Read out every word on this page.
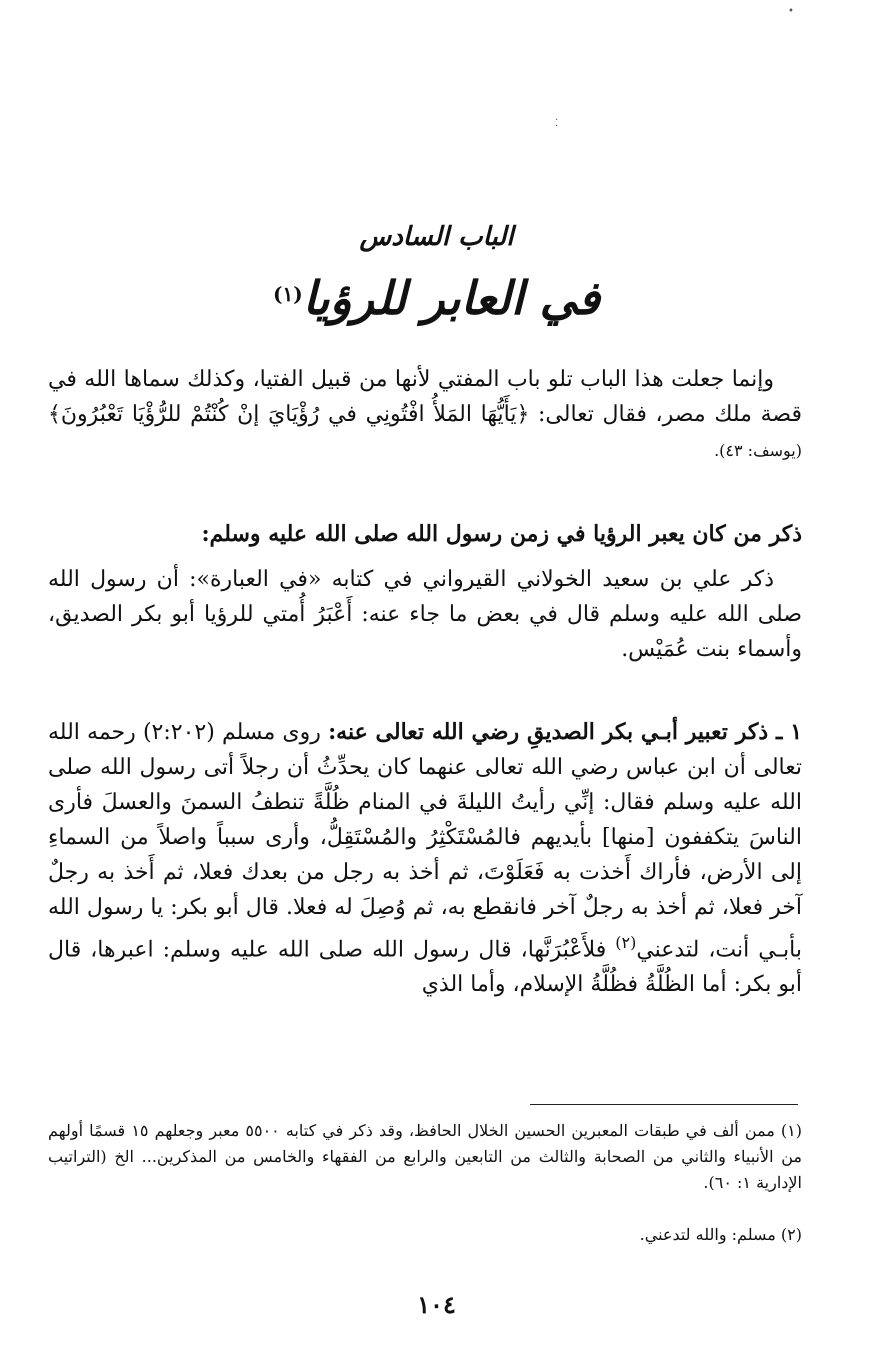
•
⁚
الباب السادس
في العابر للرؤيا$^{(١)}$
وإنما جعلت هذا الباب تلو باب المفتي لأنها من قبيل الفتيا، وكذلك سماها الله في قصة ملك مصر، فقال تعالى: ﴿يَأَيُّهَا المَلأُ افْتُونِي في رُؤْيَايَ إنْ كُنْتُمْ للرُّؤْيَا تَعْبُرُونَ﴾ (يوسف: ٤٣).
ذكر من كان يعبر الرؤيا في زمن رسول الله صلى الله عليه وسلم:
ذكر علي بن سعيد الخولاني القيرواني في كتابه «في العبارة»: أن رسول الله صلى الله عليه وسلم قال في بعض ما جاء عنه: أَعْبَرُ أُمتي للرؤيا أبو بكر الصديق، وأسماء بنت عُمَيْس.
١ ـ ذكر تعبير أبـي بكر الصديقِ رضي الله تعالى عنه: روى مسلم (٢:٢٠٢) رحمه الله تعالى أن ابن عباس رضي الله تعالى عنهما كان يحدِّثُ أن رجلاً أتى رسول الله صلى الله عليه وسلم فقال: إنِّي رأيتُ الليلةَ في المنام ظُلَّةً تنطفُ السمنَ والعسلَ فأرى الناسَ يتكففون [منها] بأيديهم فالمُسْتَكْثِرُ والمُسْتَقِلُّ، وأرى سبباً واصلاً من السماءِ إلى الأرض، فأراك أَخذت به فَعَلَوْتَ، ثم أخذ به رجل من بعدك فعلا، ثم أَخذ به رجلٌ آخر فعلا، ثم أخذ به رجلٌ آخر فانقطع به، ثم وُصِلَ له فعلا. قال أبو بكر: يا رسول الله بأبـي أنت، لتدعني$^{(٢)}$ فلأَعْبُرَنَّها، قال رسول الله صلى الله عليه وسلم: اعبرها، قال أبو بكر: أما الظُلَّةُ فظُلَّةُ الإسلام، وأما الذي
(١) ممن ألف في طبقات المعبرين الحسين الخلال الحافظ، وقد ذكر في كتابه ٥٥٠٠ معبر وجعلهم ١٥ قسمًا أولهم من الأنبياء والثاني من الصحابة والثالث من التابعين والرابع من الفقهاء والخامس من المذكرين... الخ (التراتيب الإدارية ١: ٦٠).
(٢) مسلم: والله لتدعني.
١٠٤
